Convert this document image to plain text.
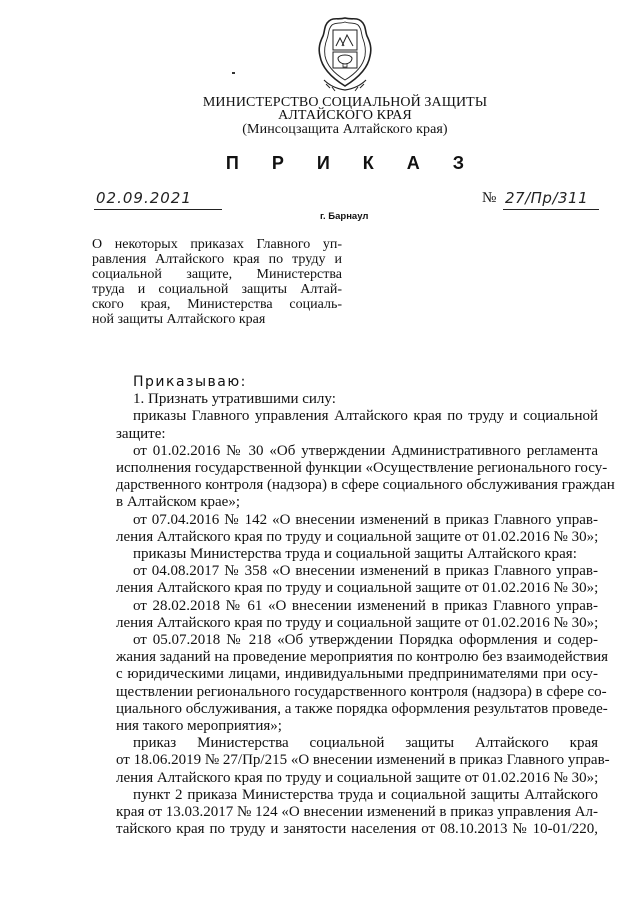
МИНИСТЕРСТВО СОЦИАЛЬНОЙ ЗАЩИТЫ
АЛТАЙСКОГО КРАЯ
(Минсоцзащита Алтайского края)
П Р И К А З
02.09.2021
г. Барнаул
№ 27/Пр/311
О некоторых приказах Главного уп-
равления Алтайского края по труду и
социальной защите, Министерства
труда и социальной защиты Алтай-
ского края, Министерства социаль-
ной защиты Алтайского края
Приказываю:
1. Признать утратившими силу:
приказы Главного управления Алтайского края по труду и социальной
защите:
от 01.02.2016 № 30 «Об утверждении Административного регламента
исполнения государственной функции «Осуществление регионального госу-
дарственного контроля (надзора) в сфере социального обслуживания граждан
в Алтайском крае»;
от 07.04.2016 № 142 «О внесении изменений в приказ Главного управ-
ления Алтайского края по труду и социальной защите от 01.02.2016 № 30»;
приказы Министерства труда и социальной защиты Алтайского края:
от 04.08.2017 № 358 «О внесении изменений в приказ Главного управ-
ления Алтайского края по труду и социальной защите от 01.02.2016 № 30»;
от 28.02.2018 № 61 «О внесении изменений в приказ Главного управ-
ления Алтайского края по труду и социальной защите от 01.02.2016 № 30»;
от 05.07.2018 № 218 «Об утверждении Порядка оформления и содер-
жания заданий на проведение мероприятия по контролю без взаимодействия
с юридическими лицами, индивидуальными предпринимателями при осу-
ществлении регионального государственного контроля (надзора) в сфере со-
циального обслуживания, а также порядка оформления результатов проведе-
ния такого мероприятия»;
приказ Министерства социальной защиты Алтайского края
от 18.06.2019 № 27/Пр/215 «О внесении изменений в приказ Главного управ-
ления Алтайского края по труду и социальной защите от 01.02.2016 № 30»;
пункт 2 приказа Министерства труда и социальной защиты Алтайского
края от 13.03.2017 № 124 «О внесении изменений в приказ управления Ал-
тайского края по труду и занятости населения от 08.10.2013 № 10-01/220,
